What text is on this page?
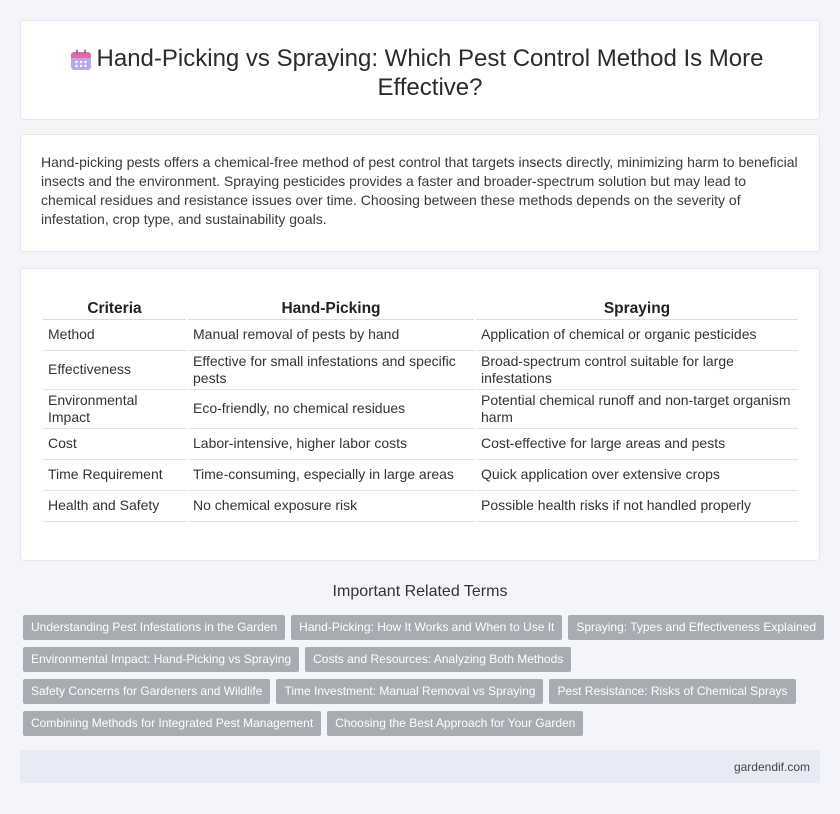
Hand-Picking vs Spraying: Which Pest Control Method Is More Effective?

Hand-picking pests offers a chemical-free method of pest control that targets insects directly, minimizing harm to beneficial insects and the environment. Spraying pesticides provides a faster and broader-spectrum solution but may lead to chemical residues and resistance issues over time. Choosing between these methods depends on the severity of infestation, crop type, and sustainability goals.

Criteria	Hand-Picking	Spraying
Method	Manual removal of pests by hand	Application of chemical or organic pesticides
Effectiveness	Effective for small infestations and specific pests	Broad-spectrum control suitable for large infestations
Environmental Impact	Eco-friendly, no chemical residues	Potential chemical runoff and non-target organism harm
Cost	Labor-intensive, higher labor costs	Cost-effective for large areas and pests
Time Requirement	Time-consuming, especially in large areas	Quick application over extensive crops
Health and Safety	No chemical exposure risk	Possible health risks if not handled properly
Important Related Terms
Understanding Pest Infestations in the Garden	Hand-Picking: How It Works and When to Use It	Spraying: Types and Effectiveness Explained
Environmental Impact: Hand-Picking vs Spraying	Costs and Resources: Analyzing Both Methods
Safety Concerns for Gardeners and Wildlife	Time Investment: Manual Removal vs Spraying	Pest Resistance: Risks of Chemical Sprays
Combining Methods for Integrated Pest Management	Choosing the Best Approach for Your Garden
gardendif.com
